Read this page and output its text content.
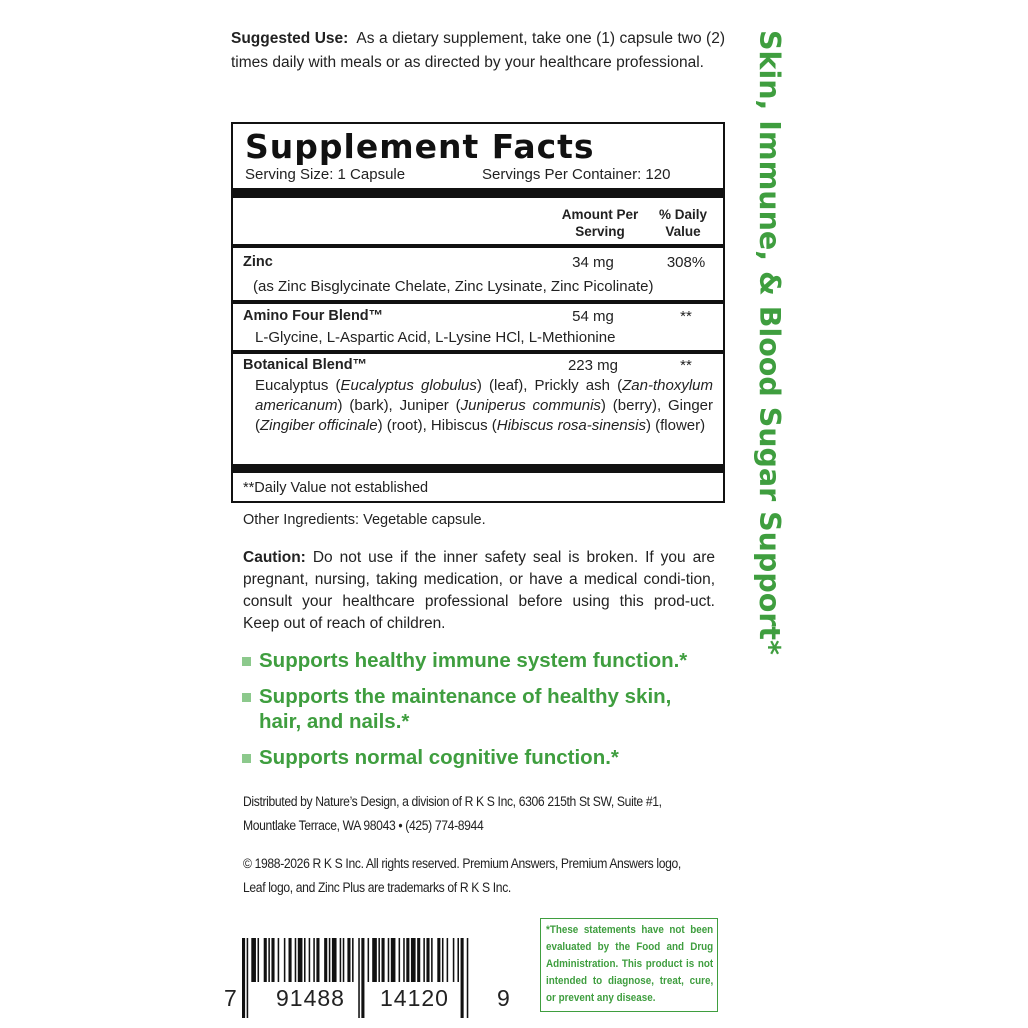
Suggested Use: As a dietary supplement, take one (1) capsule two (2) times daily with meals or as directed by your healthcare professional.
Supplement Facts
Serving Size: 1 Capsule	Servings Per Container: 120
Amount Per
Serving
% Daily
Value
Zinc	34 mg	308%
(as Zinc Bisglycinate Chelate, Zinc Lysinate, Zinc Picolinate)
Amino Four Blend™	54 mg	**
L-Glycine, L-Aspartic Acid, L-Lysine HCl, L-Methionine
Botanical Blend™	223 mg	**
Eucalyptus (Eucalyptus globulus) (leaf), Prickly ash (Zan-thoxylum americanum) (bark), Juniper (Juniperus communis) (berry), Ginger (Zingiber officinale) (root), Hibiscus (Hibiscus rosa-sinensis) (flower)
**Daily Value not established
Other Ingredients: Vegetable capsule.
Caution: Do not use if the inner safety seal is broken. If you are pregnant, nursing, taking medication, or have a medical condi-tion, consult your healthcare professional before using this prod-uct. Keep out of reach of children.
Supports healthy immune system function.*
Supports the maintenance of healthy skin, hair, and nails.*
Supports normal cognitive function.*
Distributed by Nature’s Design, a division of R K S Inc, 6306 215th St SW, Suite #1,
Mountlake Terrace, WA 98043 • (425) 774-8944
© 1988-2026 R K S Inc. All rights reserved. Premium Answers, Premium Answers logo,
Leaf logo, and Zinc Plus are trademarks of R K S Inc.
7 91488 14120 9
*These statements have not been evaluated by the Food and Drug Administration. This product is not intended to diagnose, treat, cure, or prevent any disease.
Skin, Immune, & Blood Sugar Support*
